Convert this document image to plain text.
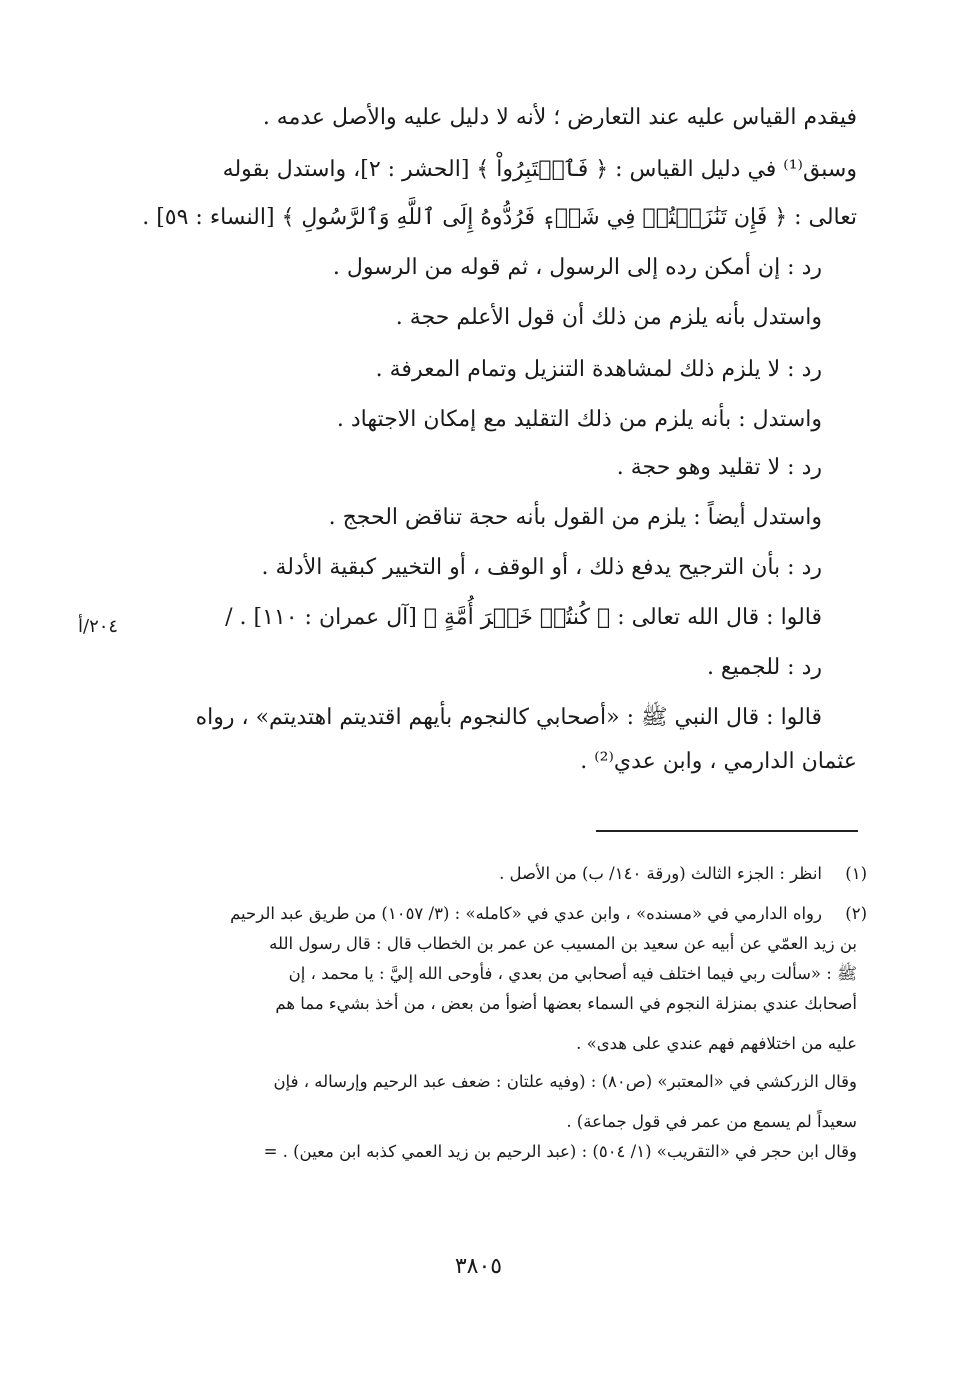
فيقدم القياس عليه عند التعارض ؛ لأنه لا دليل عليه والأصل عدمه .

وسبق⁽¹⁾ في دليل القياس : ﴿ فَٱعۡتَبِرُواْ ﴾ [الحشر : ٢]، واستدل بقوله

تعالى : ﴿ فَإِن تَنَٰزَعۡتُمۡ فِي شَيۡءٖ فَرُدُّوهُ إِلَى ٱللَّهِ وَٱلرَّسُولِ ﴾ [النساء : ٥٩] .

رد : إن أمكن رده إلى الرسول ، ثم قوله من الرسول .

واستدل بأنه يلزم من ذلك أن قول الأعلم حجة .

رد : لا يلزم ذلك لمشاهدة التنزيل وتمام المعرفة .

واستدل : بأنه يلزم من ذلك التقليد مع إمكان الاجتهاد .

رد : لا تقليد وهو حجة .

واستدل أيضاً : يلزم من القول بأنه حجة تناقض الحجج .

رد : بأن الترجيح يدفع ذلك ، أو الوقف ، أو التخيير كبقية الأدلة .

قالوا : قال الله تعالى : ﴿ كُنتُمۡ خَيۡرَ أُمَّةٍ ﴾ [آل عمران : ١١٠] . /

رد : للجميع .

قالوا : قال النبي ﷺ : «أصحابي كالنجوم بأيهم اقتديتم اهتديتم» ، رواه

عثمان الدارمي ، وابن عدي⁽²⁾ .

٢٠٤/أ
(١)

انظر : الجزء الثالث (ورقة ١٤٠/ ب) من الأصل .

(٢)

رواه الدارمي في «مسنده» ، وابن عدي في «كامله» : (٣/ ١٠٥٧) من طريق عبد الرحيم

بن زيد العمّي عن أبيه عن سعيد بن المسيب عن عمر بن الخطاب قال : قال رسول الله

ﷺ : «سألت ربي فيما اختلف فيه أصحابي من بعدي ، فأوحى الله إليَّ : يا محمد ، إن

أصحابك عندي بمنزلة النجوم في السماء بعضها أضوأ من بعض ، من أخذ بشيء مما هم

عليه من اختلافهم فهم عندي على هدى» .

وقال الزركشي في «المعتبر» (ص٨٠) : (وفيه علتان : ضعف عبد الرحيم وإرساله ، فإن

سعيداً لم يسمع من عمر في قول جماعة) .

وقال ابن حجر في «التقريب» (١/ ٥٠٤) : (عبد الرحيم بن زيد العمي كذبه ابن معين) . =

٣٨٠٥
